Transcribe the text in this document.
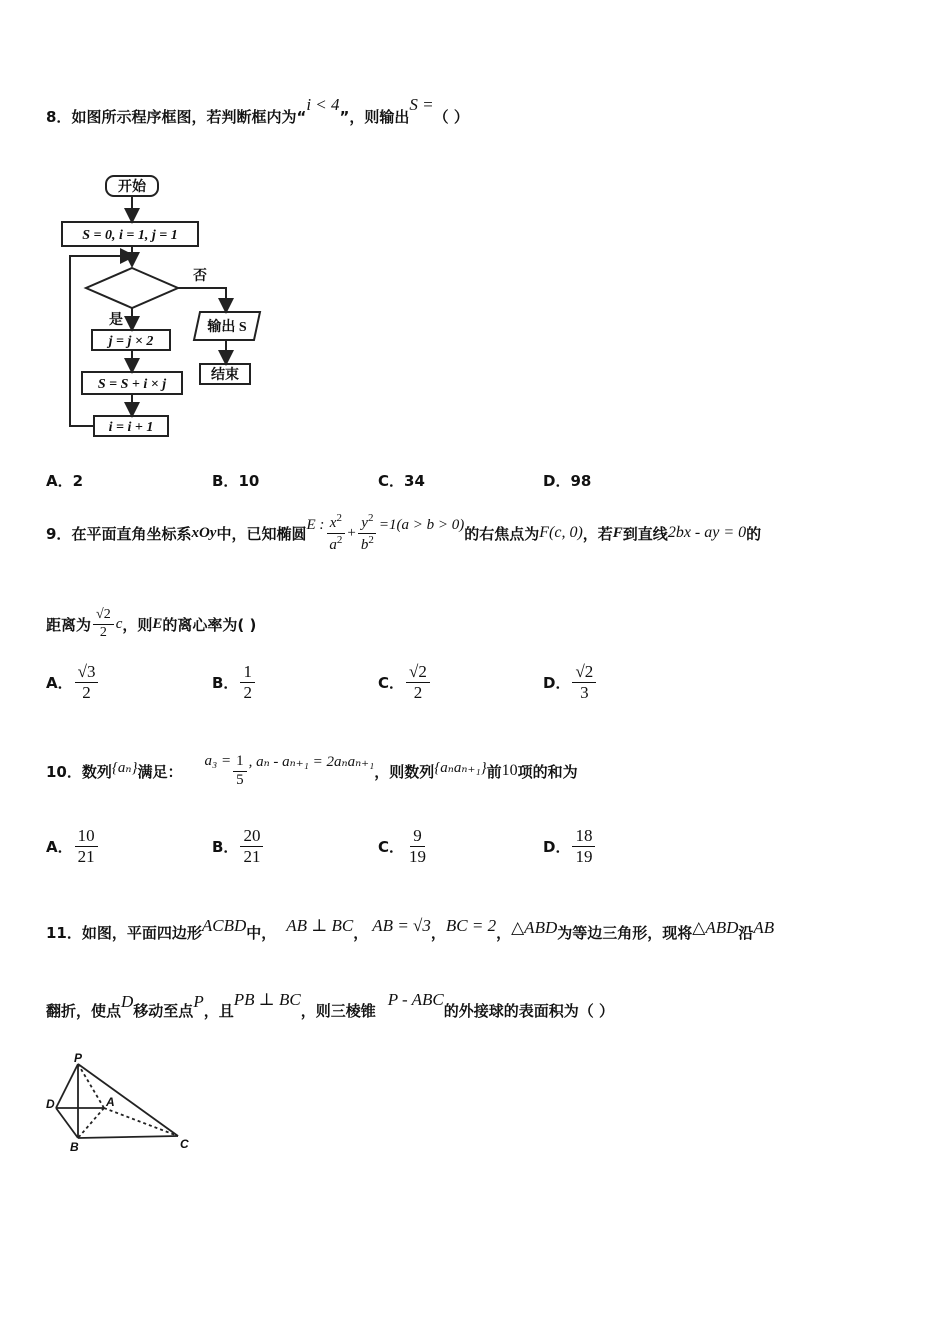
8．如图所示程序框图，若判断框内为“i < 4”，则输出S =（ ）
开始
S = 0, i = 1, j = 1
否
是
j = j × 2
S = S + i × j
i = i + 1
输出 S
结束
A．2	B．10	C．34	D．98
9． 在平面直角坐标系 xOy 中，已知椭圆 E : $\frac{x^2}{a^2} + \frac{y^2}{b^2} =1(a > b > 0)$ 的右焦点为 F(c, 0) ，若 F 到直线 2bx - ay = 0 的
距离为 $\frac{√2}{2}$ c ，则 E 的离心率为( )
A． $\frac{√3}{2}$	B． $\frac{1}{2}$	C． $\frac{√2}{2}$	D． $\frac{√2}{3}$
10． 数列 {aₙ} 满足：
$a_3 = \frac{1}{5}$ , aₙ - aₙ₊₁ = 2aₙaₙ₊₁
，则数列 {aₙaₙ₊₁} 前 10 项的和为
A． $\frac{10}{21}$	B． $\frac{20}{21}$	C． $\frac{9}{19}$	D． $\frac{18}{19}$
11． 如图，平面四边形 ACBD 中， AB ⊥ BC ， AB = √3 ， BC = 2 ， △ABD 为等边三角形，现将 △ABD 沿 AB
翻折，使点 D 移动至点 P ，且
PB ⊥ BC
，则三棱锥
P - ABC
的外接球的表面积为（ ）
P
D	A
B	C
